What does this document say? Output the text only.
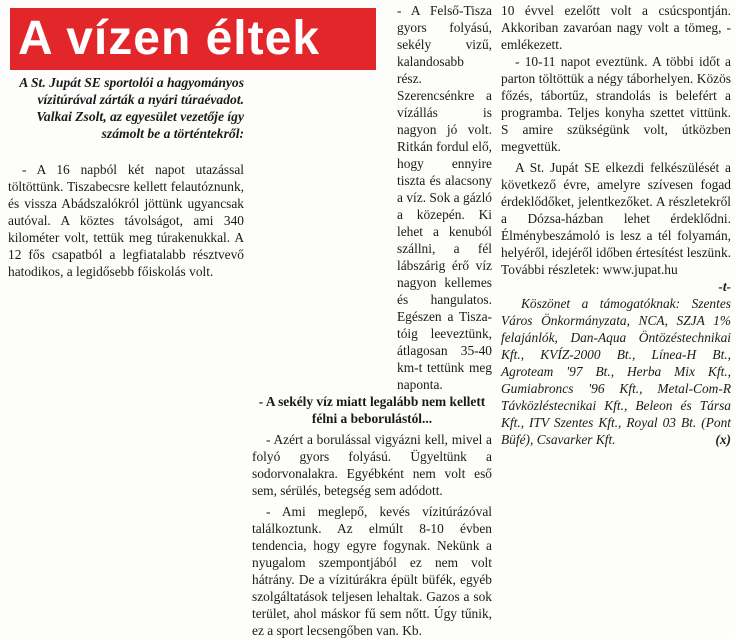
A vízen éltek
A St. Jupát SE sportolói a hagyományos vízitúrával zárták a nyári túraévadot. Valkai Zsolt, az egyesület vezetője így számolt be a történtekről:

- A 16 napból két napot utazással töltöttünk. Tiszabecsre kellett felautóznunk, és vissza Abádszalókról jöttünk ugyancsak autóval. A köztes távolságot, ami 340 kilométer volt, tettük meg túrakenukkal. A 12 fős csapatból a legfiatalabb résztvevő hatodikos, a legidősebb főiskolás volt.

- A Felső-Tisza gyors folyású, sekély vizű, kalandosabb rész. Szerencsénkre a vízállás is nagyon jó volt. Ritkán fordul elő, hogy ennyire tiszta és alacsony a víz. Sok a gázló a közepén. Ki lehet a kenuból szállni, a fél lábszárig érő víz nagyon kellemes és hangulatos. Egészen a Tisza-tóig leeveztünk, átlagosan 35-40 km-t tettünk meg naponta.

- A sekély víz miatt legalább nem kellett félni a beborulástól...

- Azért a borulással vigyázni kell, mivel a folyó gyors folyású. Ügyeltünk a sodorvonalakra. Egyébként nem volt eső sem, sérülés, betegség sem adódott.

- Ami meglepő, kevés vízitúrázóval találkoztunk. Az elmúlt 8-10 évben tendencia, hogy egyre fogynak. Nekünk a nyugalom szempontjából ez nem volt hátrány. De a vízitúrákra épült büfék, egyéb szolgáltatások teljesen lehaltak. Gazos a sok terület, ahol máskor fű sem nőtt. Úgy tűnik, ez a sport lecsengőben van. Kb.

10 évvel ezelőtt volt a csúcspontján. Akkoriban zavaróan nagy volt a tömeg, - emlékezett.

- 10-11 napot eveztünk. A többi időt a parton töltöttük a négy táborhelyen. Közös főzés, tábortűz, strandolás is belefért a programba. Teljes konyha szettet vittünk. S amire szükségünk volt, útközben megvettük.

A St. Jupát SE elkezdi felkészülését a következő évre, amelyre szívesen fogad érdeklődőket, jelentkezőket. A részletekről a Dózsa-házban lehet érdeklődni. Élménybeszámoló is lesz a tél folyamán, helyéről, idejéről időben értesítést leszünk. További részletek: www.jupat.hu

-t-

Köszönet a támogatóknak: Szentes Város Önkormányzata, NCA, SZJA 1% felajánlók, Dan-Aqua Öntözéstechnikai Kft., KVÍZ-2000 Bt., Línea-H Bt., Agroteam '97 Bt., Herba Mix Kft., Gumiabroncs '96 Kft., Metal-Com-R Távközléstecnikai Kft., Beleon és Társa Kft., ITV Szentes Kft., Royal 03 Bt. (Pont Büfé), Csavarker Kft.	(x)
